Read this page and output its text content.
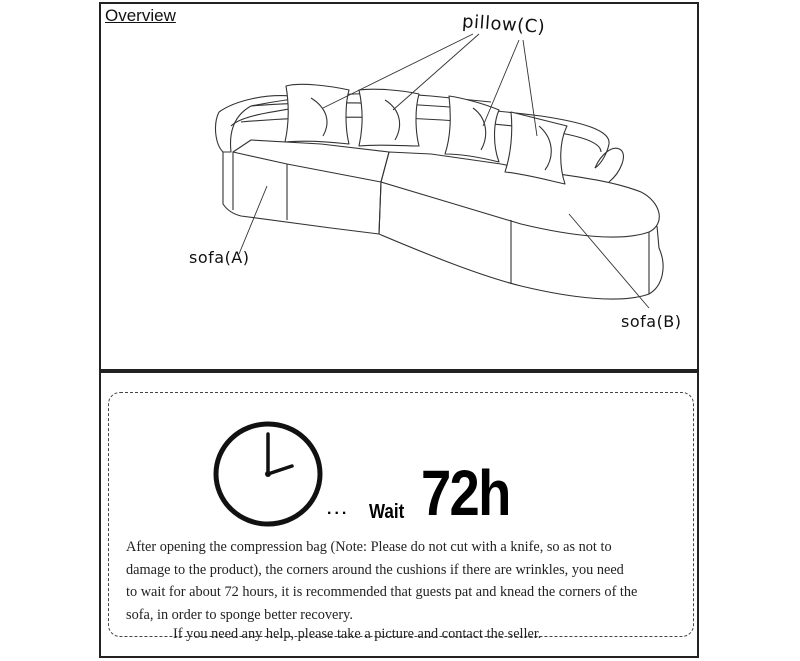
Overview	pillow(C)
sofa(A)
sofa(B)
... Wait 72h
After opening the compression bag (Note: Please do not cut with a knife, so as not to
damage to the product), the corners around the cushions if there are wrinkles, you need
to wait for about 72 hours, it is recommended that guests pat and knead the corners of the
sofa, in order to sponge better recovery.
If you need any help, please take a picture and contact the seller.
